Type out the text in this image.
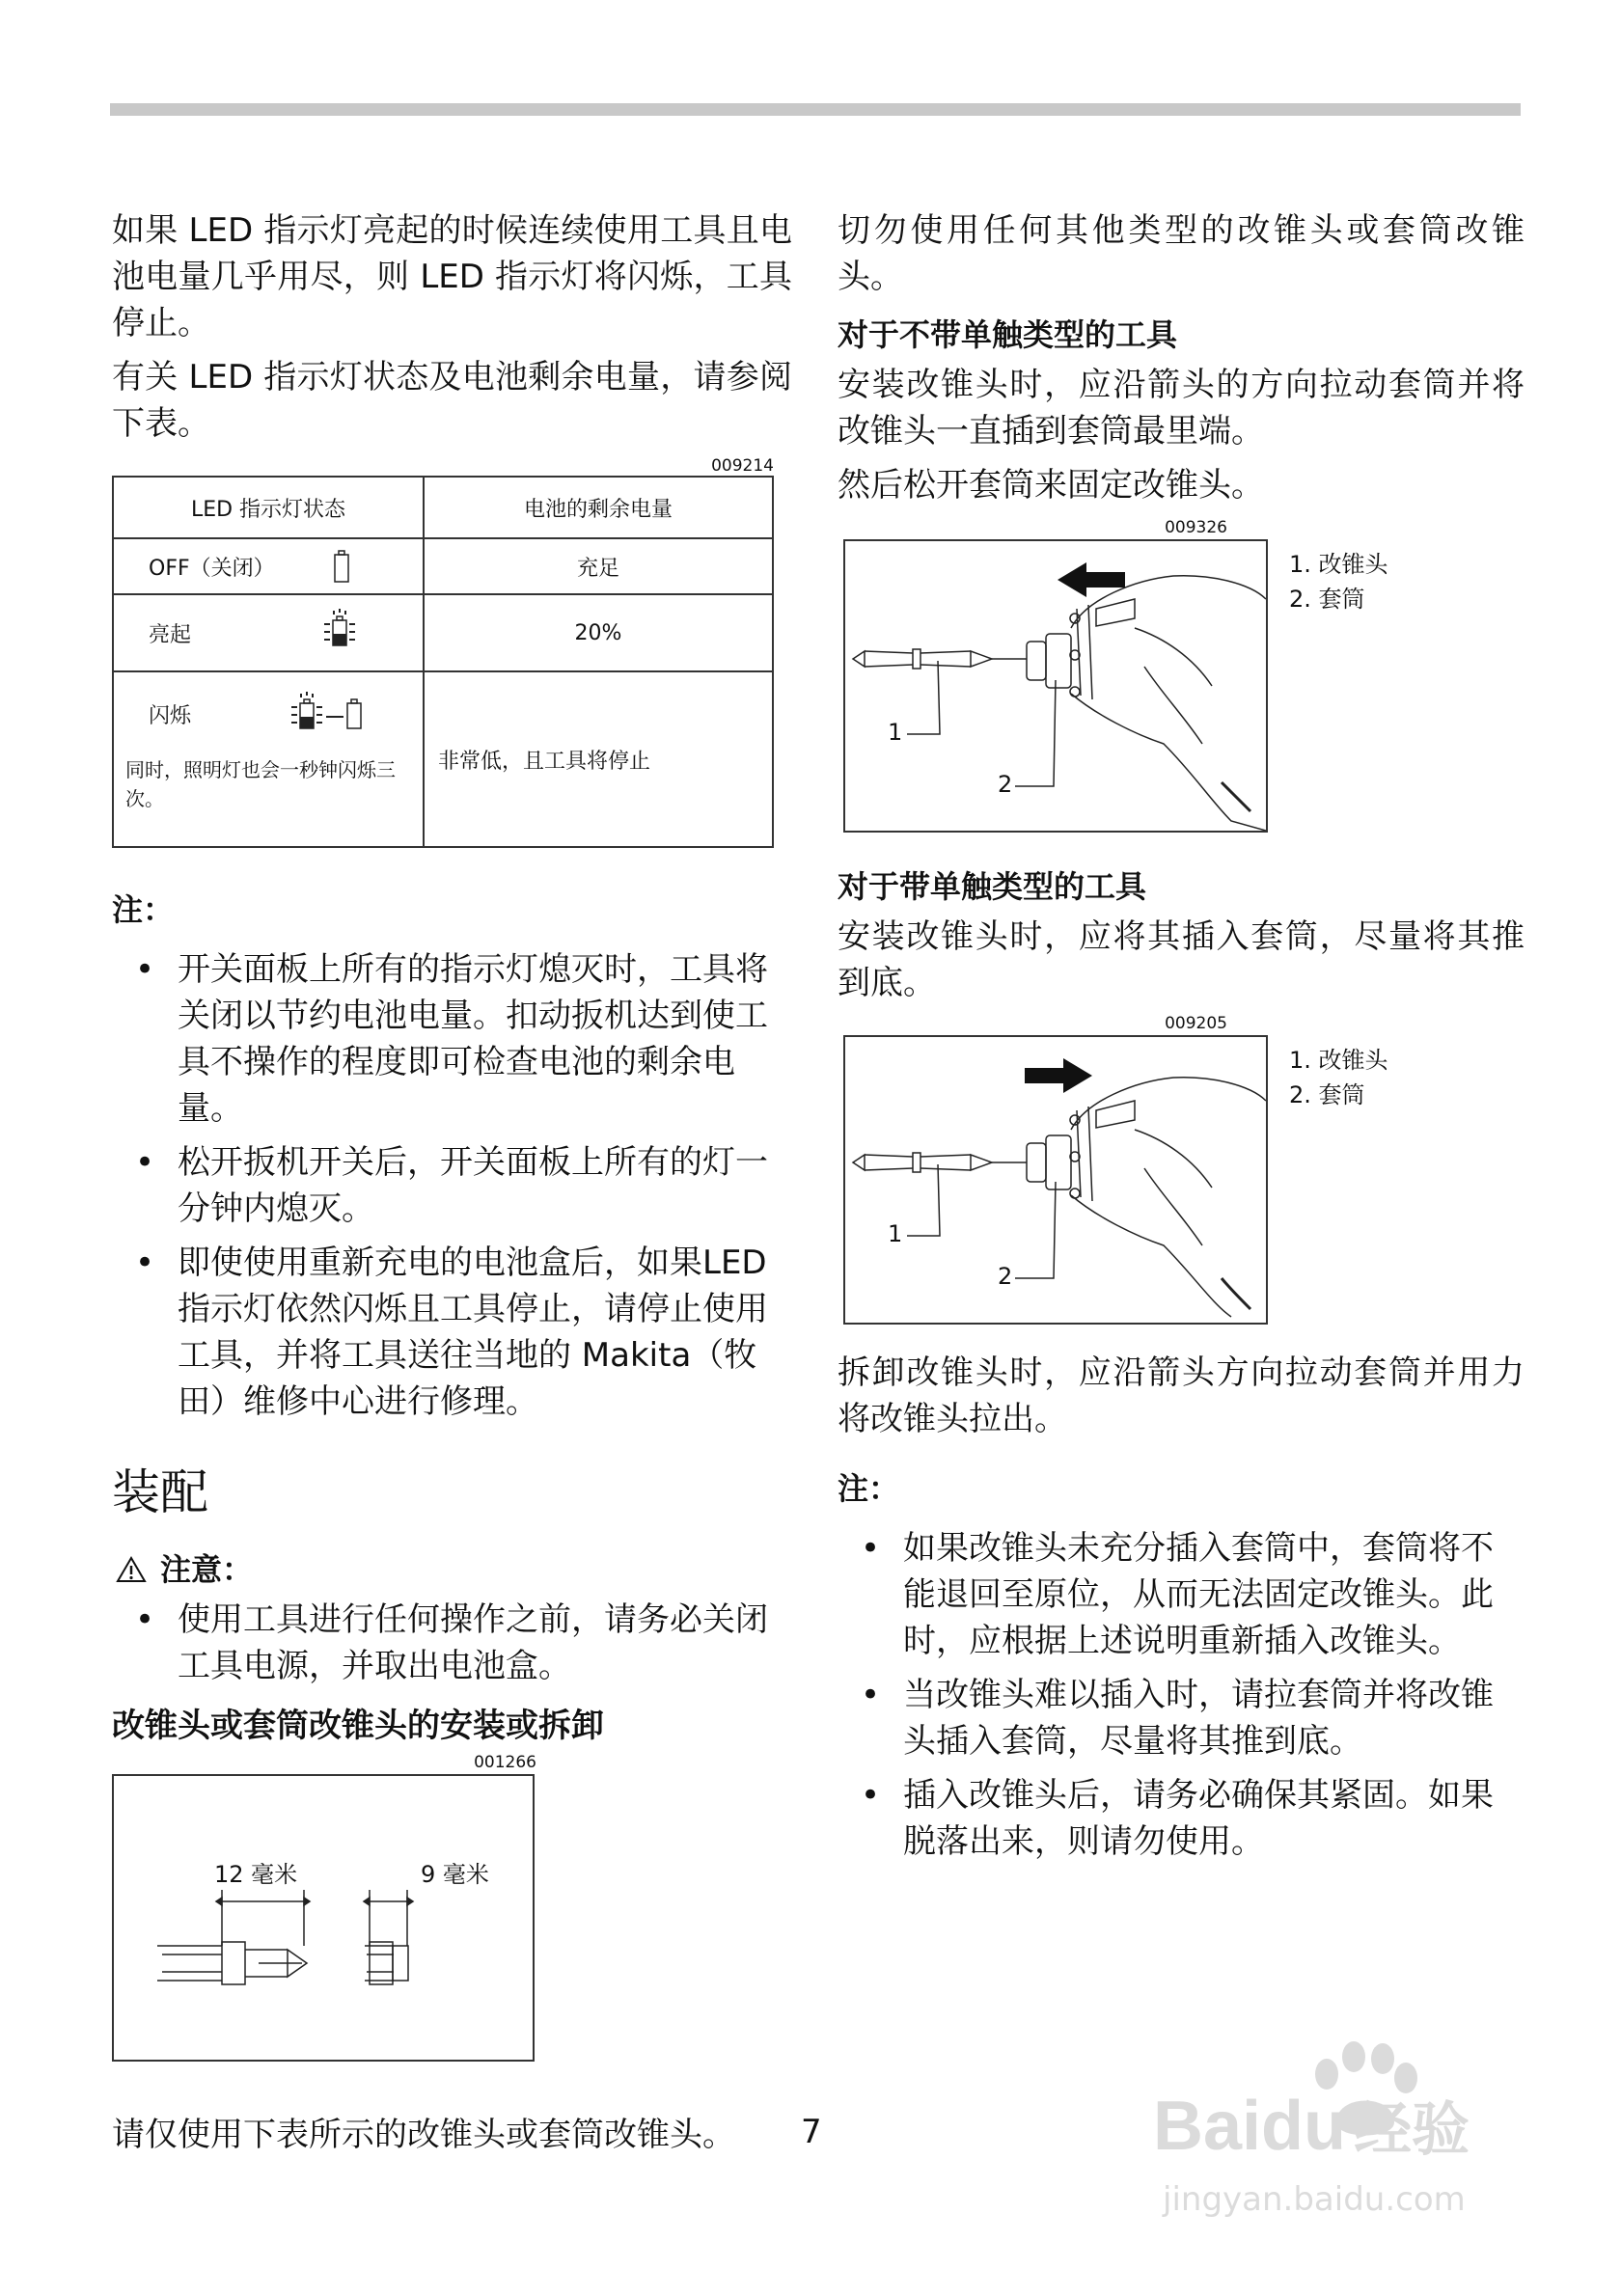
如果 LED 指示灯亮起的时候连续使用工具且电池电量几乎用尽，则 LED 指示灯将闪烁，工具停止。

有关 LED 指示灯状态及电池剩余电量，请参阅下表。

009214
LED 指示灯状态	电池的剩余电量
OFF（关闭）	充足
亮起	20%

闪烁
同时，照明灯也会一秒钟闪烁三次。	非常低，且工具将停止

注：

• 开关面板上所有的指示灯熄灭时，工具将关闭以节约电池电量。扣动扳机达到使工具不操作的程度即可检查电池的剩余电量。
• 松开扳机开关后，开关面板上所有的灯一分钟内熄灭。
• 即使使用重新充电的电池盒后，如果LED 指示灯依然闪烁且工具停止，请停止使用工具，并将工具送往当地的 Makita（牧田）维修中心进行修理。
装配
注意：
• 使用工具进行任何操作之前，请务必关闭工具电源，并取出电池盒。
改锥头或套筒改锥头的安装或拆卸
001266
12 毫米	9 毫米

请仅使用下表所示的改锥头或套筒改锥头。

切勿使用任何其他类型的改锥头或套筒改锥头。

对于不带单触类型的工具

安装改锥头时，应沿箭头的方向拉动套筒并将改锥头一直插到套筒最里端。

然后松开套筒来固定改锥头。

009326
1
2
1. 改锥头
2. 套筒
对于带单触类型的工具

安装改锥头时，应将其插入套筒，尽量将其推到底。

009205
1
2
1. 改锥头
2. 套筒

拆卸改锥头时，应沿箭头方向拉动套筒并用力将改锥头拉出。

注：

• 如果改锥头未充分插入套筒中，套筒将不能退回至原位，从而无法固定改锥头。此时，应根据上述说明重新插入改锥头。
• 当改锥头难以插入时，请拉套筒并将改锥头插入套筒，尽量将其推到底。
• 插入改锥头后，请务必确保其紧固。如果脱落出来，则请勿使用。
7	Baidu 经验
jingyan.baidu.com
